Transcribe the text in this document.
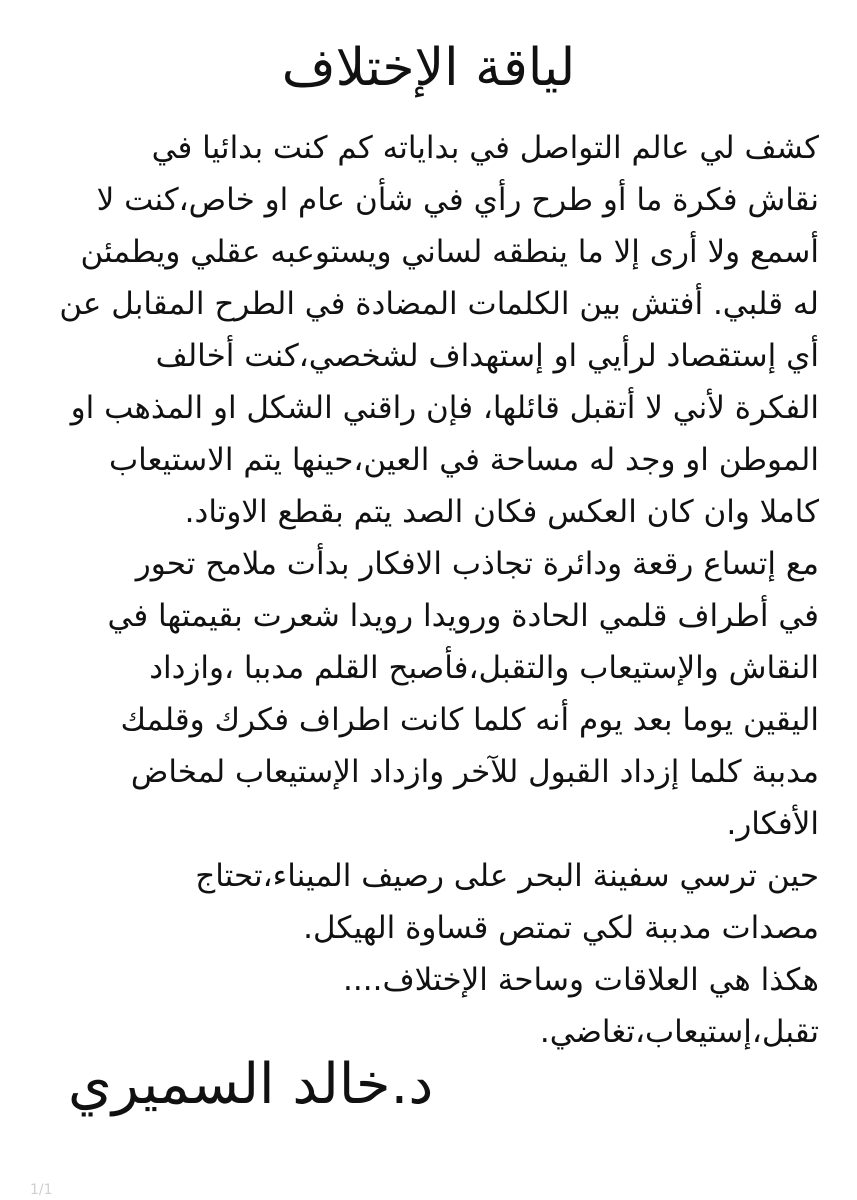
لياقة الإختلاف
كشف لي عالم التواصل في بداياته كم كنت بدائيا في
نقاش فكرة ما أو طرح رأي في شأن عام او خاص،كنت لا
أسمع ولا أرى إلا ما ينطقه لساني ويستوعبه عقلي ويطمئن
له قلبي. أفتش بين الكلمات المضادة في الطرح المقابل عن
أي إستقصاد لرأيي او إستهداف لشخصي،كنت أخالف
الفكرة لأني لا أتقبل قائلها، فإن راقني الشكل او المذهب او
الموطن او وجد له مساحة في العين،حينها يتم الاستيعاب
كاملا وان كان العكس فكان الصد يتم بقطع الاوتاد.
مع إتساع رقعة ودائرة تجاذب الافكار بدأت ملامح تحور
في أطراف قلمي الحادة ورويدا رويدا شعرت بقيمتها في
النقاش والإستيعاب والتقبل،فأصبح القلم مدببا ،وازداد
اليقين يوما بعد يوم أنه كلما كانت اطراف فكرك وقلمك
مدببة كلما إزداد القبول للآخر وازداد الإستيعاب لمخاض
الأفكار.
حين ترسي سفينة البحر على رصيف الميناء،تحتاج
مصدات مدببة لكي تمتص قساوة الهيكل.
هكذا هي العلاقات وساحة الإختلاف....
تقبل،إستيعاب،تغاضي.
د.خالد السميري
1/1
